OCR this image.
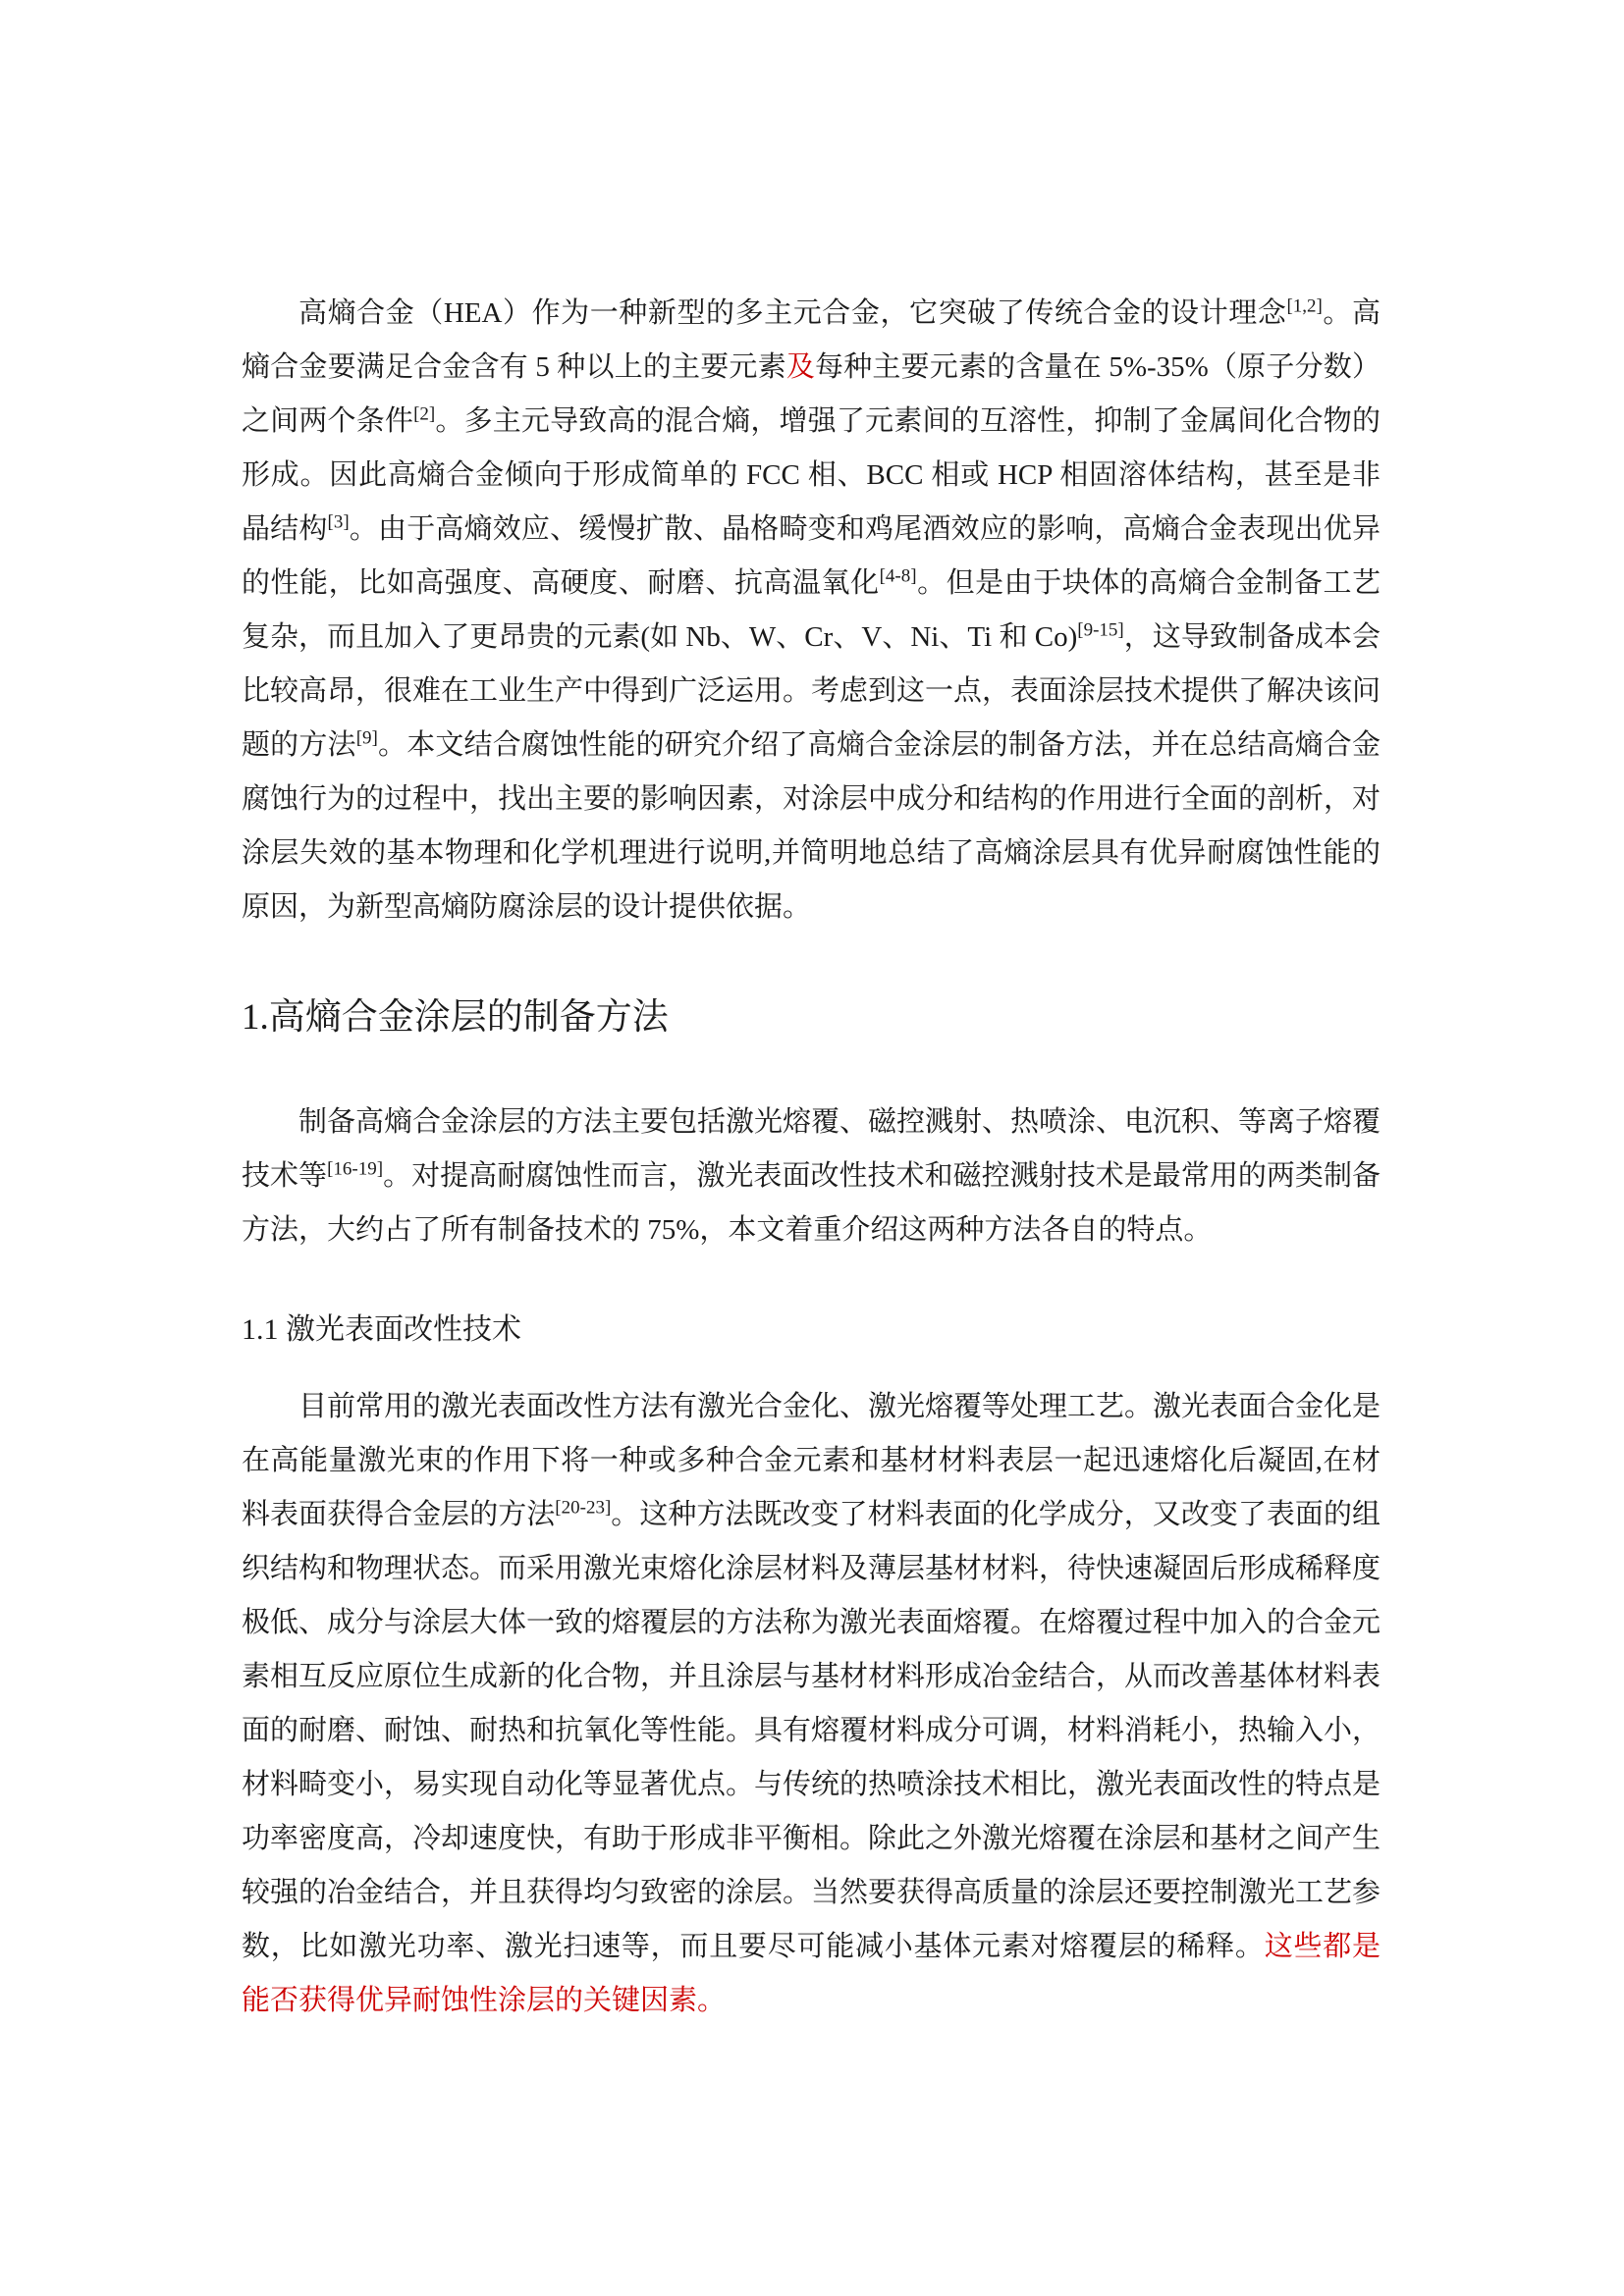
高熵合金（HEA）作为一种新型的多主元合金，它突破了传统合金的设计理念[1,2]。高熵合金要满足合金含有 5 种以上的主要元素及每种主要元素的含量在 5%-35%（原子分数）之间两个条件[2]。多主元导致高的混合熵，增强了元素间的互溶性，抑制了金属间化合物的形成。因此高熵合金倾向于形成简单的 FCC 相、BCC 相或 HCP 相固溶体结构，甚至是非晶结构[3]。由于高熵效应、缓慢扩散、晶格畸变和鸡尾酒效应的影响，高熵合金表现出优异的性能，比如高强度、高硬度、耐磨、抗高温氧化[4-8]。但是由于块体的高熵合金制备工艺复杂，而且加入了更昂贵的元素(如 Nb、W、Cr、V、Ni、Ti 和 Co)[9-15]，这导致制备成本会比较高昂，很难在工业生产中得到广泛运用。考虑到这一点，表面涂层技术提供了解决该问题的方法[9]。本文结合腐蚀性能的研究介绍了高熵合金涂层的制备方法，并在总结高熵合金腐蚀行为的过程中，找出主要的影响因素，对涂层中成分和结构的作用进行全面的剖析，对涂层失效的基本物理和化学机理进行说明,并简明地总结了高熵涂层具有优异耐腐蚀性能的原因，为新型高熵防腐涂层的设计提供依据。

1.高熵合金涂层的制备方法

制备高熵合金涂层的方法主要包括激光熔覆、磁控溅射、热喷涂、电沉积、等离子熔覆技术等[16-19]。对提高耐腐蚀性而言，激光表面改性技术和磁控溅射技术是最常用的两类制备方法，大约占了所有制备技术的 75%，本文着重介绍这两种方法各自的特点。

1.1 激光表面改性技术

目前常用的激光表面改性方法有激光合金化、激光熔覆等处理工艺。激光表面合金化是在高能量激光束的作用下将一种或多种合金元素和基材材料表层一起迅速熔化后凝固,在材料表面获得合金层的方法[20-23]。这种方法既改变了材料表面的化学成分，又改变了表面的组织结构和物理状态。而采用激光束熔化涂层材料及薄层基材材料，待快速凝固后形成稀释度极低、成分与涂层大体一致的熔覆层的方法称为激光表面熔覆。在熔覆过程中加入的合金元素相互反应原位生成新的化合物，并且涂层与基材材料形成冶金结合，从而改善基体材料表面的耐磨、耐蚀、耐热和抗氧化等性能。具有熔覆材料成分可调，材料消耗小，热输入小，材料畸变小，易实现自动化等显著优点。与传统的热喷涂技术相比，激光表面改性的特点是功率密度高，冷却速度快，有助于形成非平衡相。除此之外激光熔覆在涂层和基材之间产生较强的冶金结合，并且获得均匀致密的涂层。当然要获得高质量的涂层还要控制激光工艺参数，比如激光功率、激光扫速等，而且要尽可能减小基体元素对熔覆层的稀释。这些都是能否获得优异耐蚀性涂层的关键因素。
